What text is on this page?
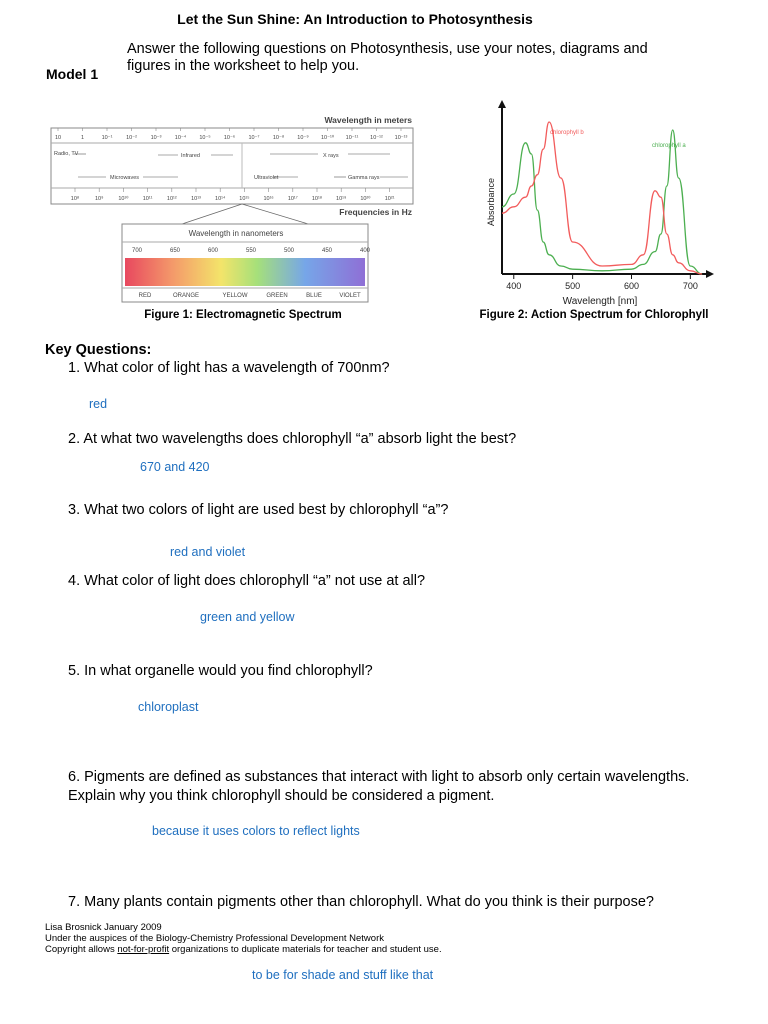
Let the Sun Shine: An Introduction to Photosynthesis
Answer the following questions on Photosynthesis, use your notes, diagrams and figures in the worksheet to help you.
Model 1
Wavelength in meters
10	1	10⁻¹ 10⁻² 10⁻³ 10⁻⁴ 10⁻⁵ 10⁻⁶ 10⁻⁷ 10⁻⁸ 10⁻⁹ 10⁻¹⁰ 10⁻¹¹ 10⁻¹² 10⁻¹³
10⁸	10⁹	10¹⁰	10¹¹	10¹²	10¹³	10¹⁴	10¹⁵	10¹⁶	10¹⁷	10¹⁸	10¹⁹	10²⁰	10²¹
Radio, TV	Infrared
Microwaves	Ultraviolet
X rays
Gamma rays
Frequencies in Hz
Wavelength in nanometers
700	650	600	550	500	450	400
RED	ORANGE	YELLOW	GREEN	BLUE	VIOLET
Figure 1: Electromagnetic Spectrum
400	500	600	700
Absorbance
Wavelength [nm]
chlorophyll b
chlorophyll a
Figure 2: Action Spectrum for Chlorophyll
Key Questions:
1. What color of light has a wavelength of 700nm?
red
2. At what two wavelengths does chlorophyll “a” absorb light the best?
670 and 420
3. What two colors of light are used best by chlorophyll “a”?
red and violet
4. What color of light does chlorophyll “a” not use at all?
green and yellow
5. In what organelle would you find chlorophyll?
chloroplast
6. Pigments are defined as substances that interact with light to absorb only certain wavelengths. Explain why you think chlorophyll should be considered a pigment.
because it uses colors to reflect lights
7. Many plants contain pigments other than chlorophyll. What do you think is their purpose?
Lisa Brosnick January 2009
Under the auspices of the Biology-Chemistry Professional Development Network
Copyright allows not-for-profit organizations to duplicate materials for teacher and student use.
to be for shade and stuff like that
